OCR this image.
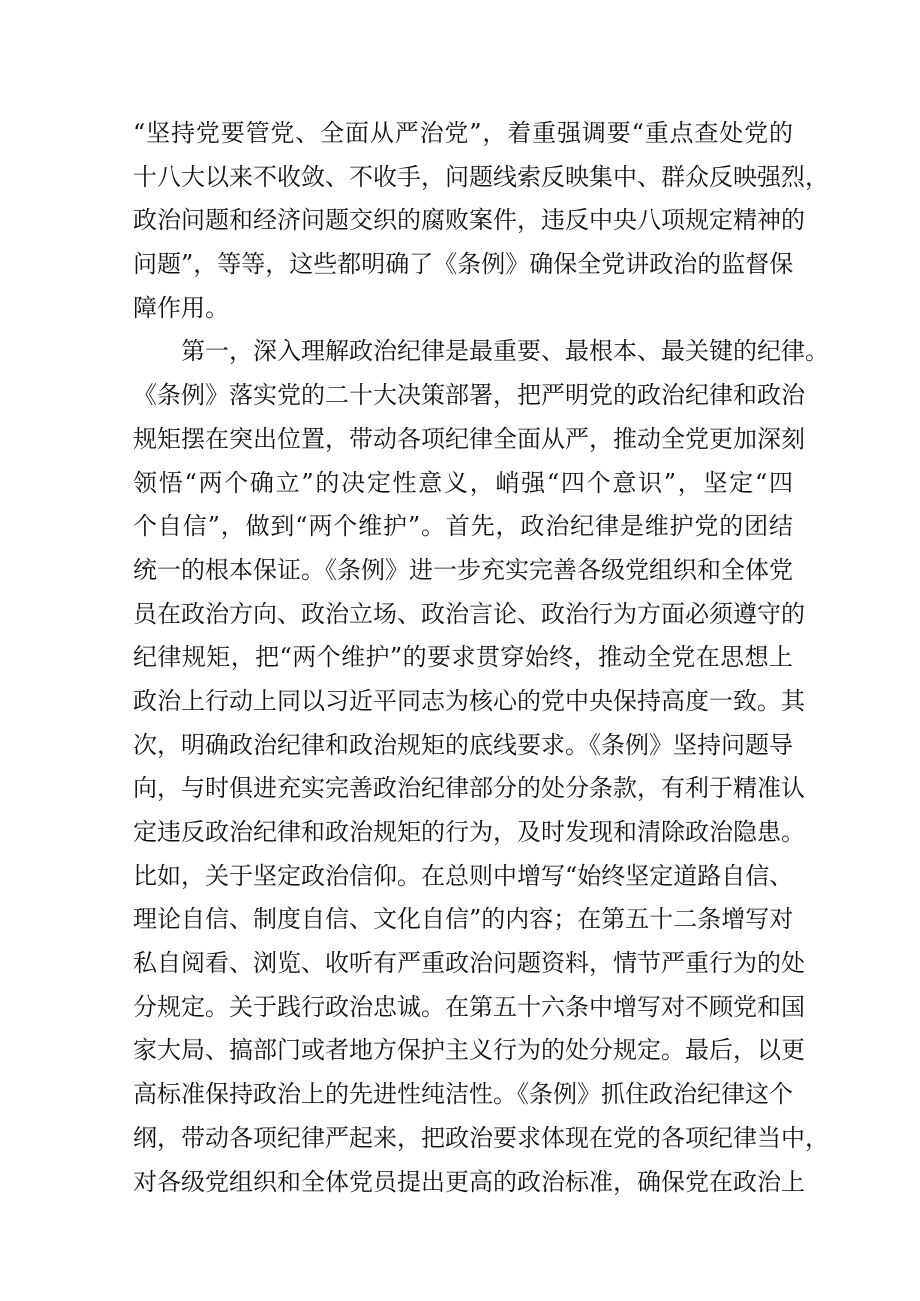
“坚持党要管党、全面从严治党”，着重强调要“重点查处党的
十八大以来不收敛、不收手，问题线索反映集中、群众反映强烈，
政治问题和经济问题交织的腐败案件，违反中央八项规定精神的
问题”，等等，这些都明确了《条例》确保全党讲政治的监督保
障作用。
　　第一，深入理解政治纪律是最重要、最根本、最关键的纪律。
《条例》落实党的二十大决策部署，把严明党的政治纪律和政治
规矩摆在突出位置，带动各项纪律全面从严，推动全党更加深刻
领悟“两个确立”的决定性意义，峭强“四个意识”，坚定“四
个自信”，做到“两个维护”。首先，政治纪律是维护党的团结
统一的根本保证。《条例》进一步充实完善各级党组织和全体党
员在政治方向、政治立场、政治言论、政治行为方面必须遵守的
纪律规矩，把“两个维护”的要求贯穿始终，推动全党在思想上
政治上行动上同以习近平同志为核心的党中央保持高度一致。其
次，明确政治纪律和政治规矩的底线要求。《条例》坚持问题导
向，与时俱进充实完善政治纪律部分的处分条款，有利于精准认
定违反政治纪律和政治规矩的行为，及时发现和清除政治隐患。
比如，关于坚定政治信仰。在总则中增写“始终坚定道路自信、
理论自信、制度自信、文化自信”的内容；在第五十二条增写对
私自阅看、浏览、收听有严重政治问题资料，情节严重行为的处
分规定。关于践行政治忠诚。在第五十六条中增写对不顾党和国
家大局、搞部门或者地方保护主义行为的处分规定。最后，以更
高标准保持政治上的先进性纯洁性。《条例》抓住政治纪律这个
纲，带动各项纪律严起来，把政治要求体现在党的各项纪律当中，
对各级党组织和全体党员提出更高的政治标准，确保党在政治上
